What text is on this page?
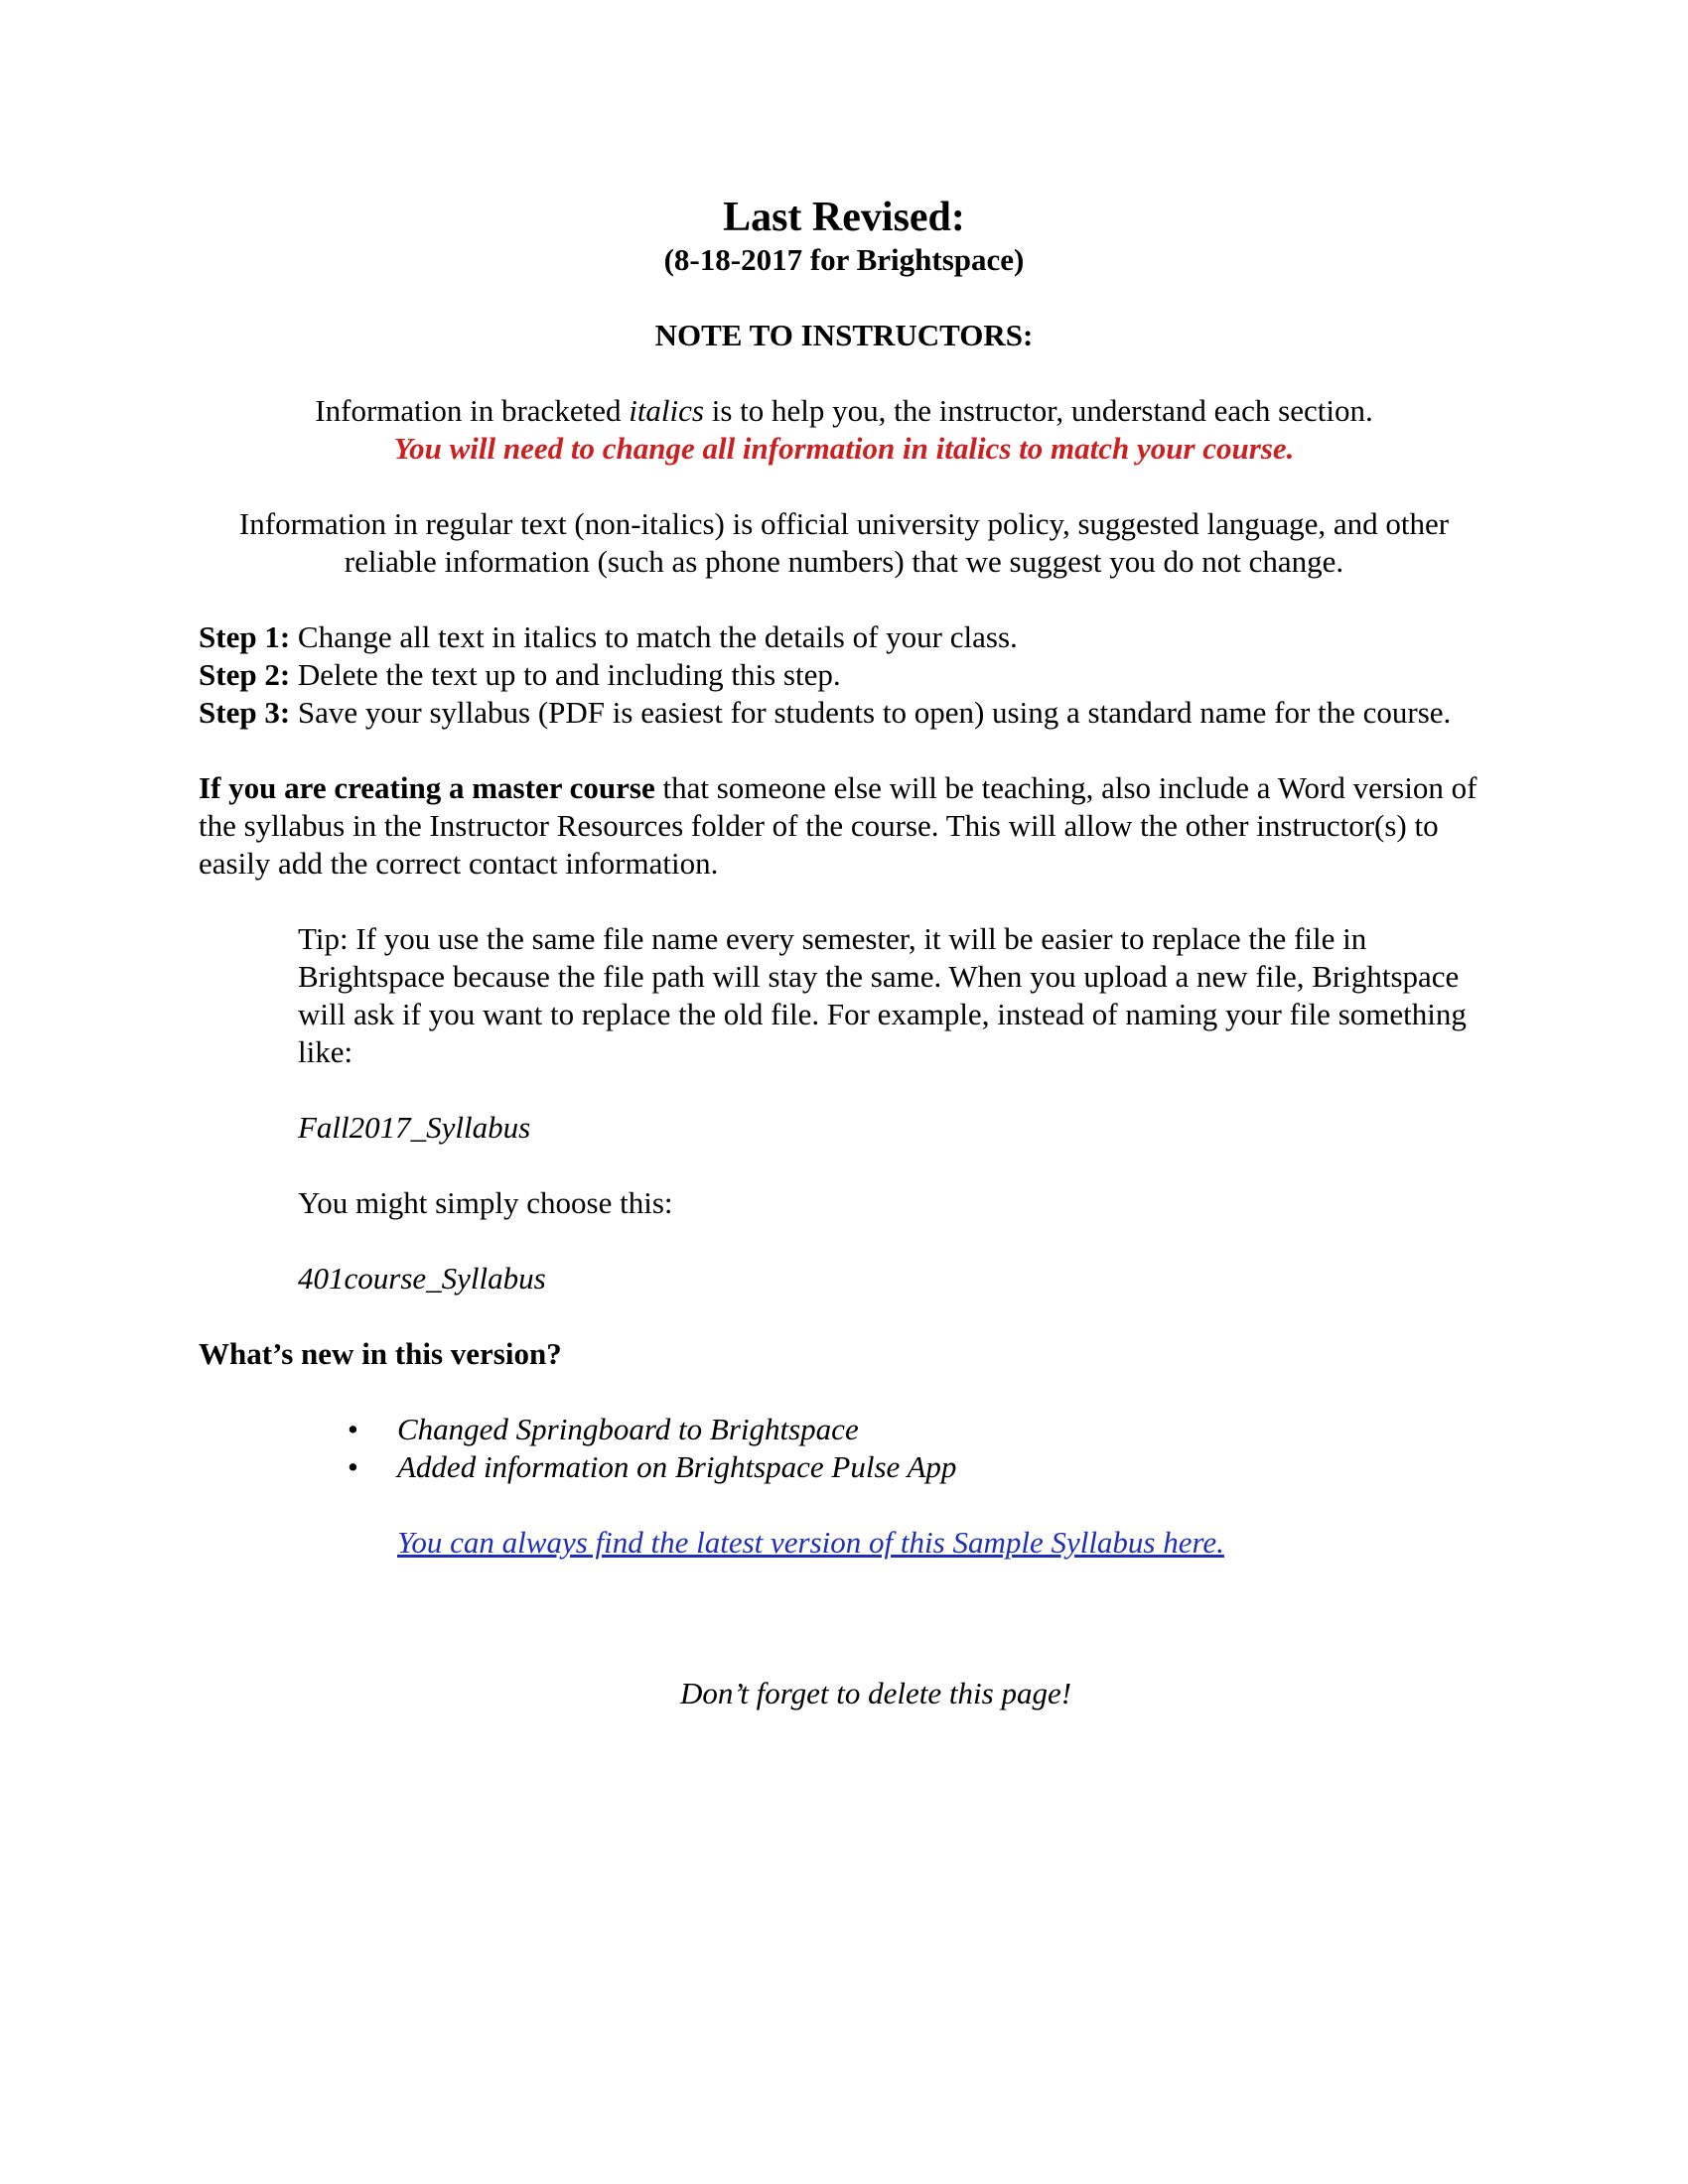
Last Revised:

(8-18-2017 for Brightspace)

NOTE TO INSTRUCTORS:

Information in bracketed italics is to help you, the instructor, understand each section.

You will need to change all information in italics to match your course.

Information in regular text (non-italics) is official university policy, suggested language, and other reliable information (such as phone numbers) that we suggest you do not change.

Step 1: Change all text in italics to match the details of your class.

Step 2: Delete the text up to and including this step.

Step 3: Save your syllabus (PDF is easiest for students to open) using a standard name for the course.

If you are creating a master course that someone else will be teaching, also include a Word version of the syllabus in the Instructor Resources folder of the course. This will allow the other instructor(s) to easily add the correct contact information.

Tip: If you use the same file name every semester, it will be easier to replace the file in Brightspace because the file path will stay the same. When you upload a new file, Brightspace will ask if you want to replace the old file. For example, instead of naming your file something like:

Fall2017_Syllabus

You might simply choose this:

401course_Syllabus

What’s new in this version?

• Changed Springboard to Brightspace
• Added information on Brightspace Pulse App

You can always find the latest version of this Sample Syllabus here.

Don’t forget to delete this page!
